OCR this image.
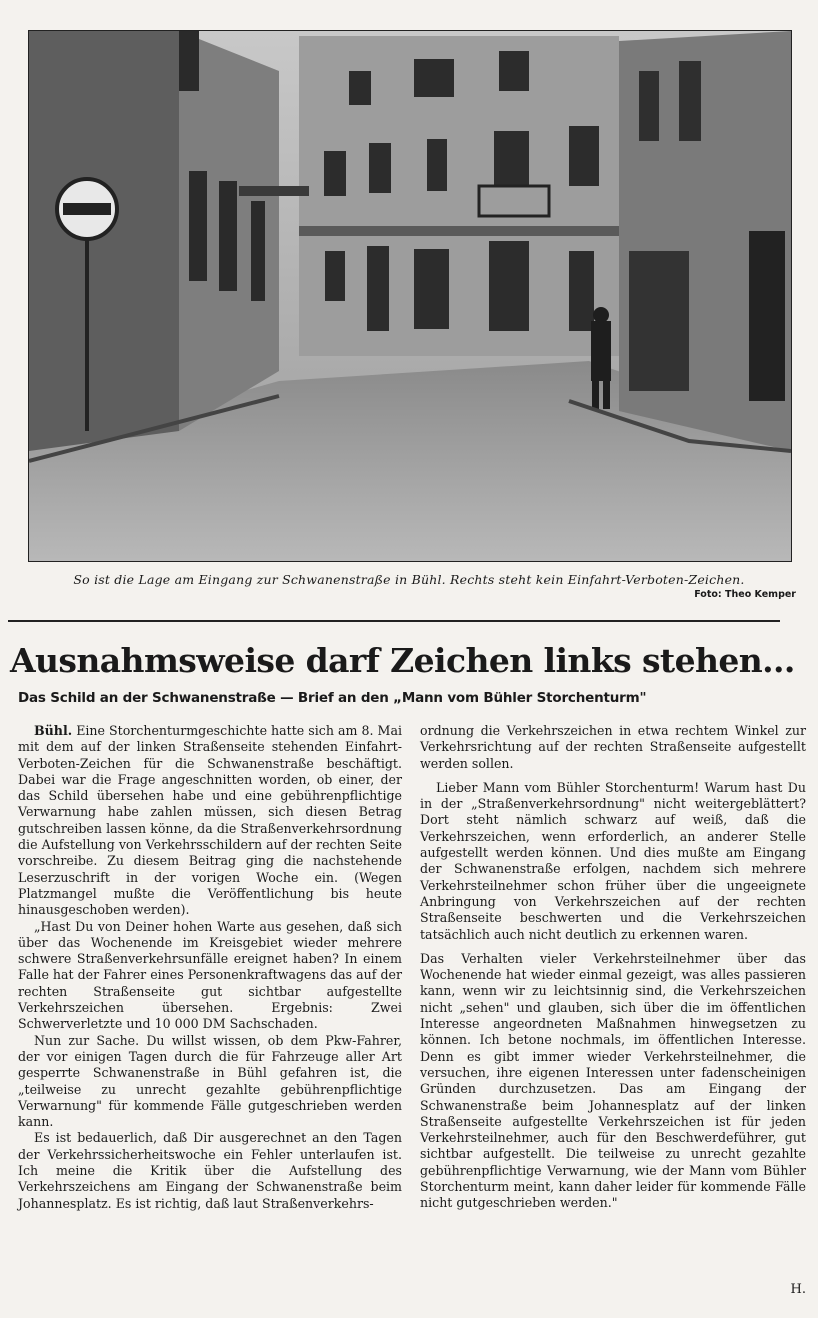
So ist die Lage am Eingang zur Schwanenstraße in Bühl. Rechts steht kein Einfahrt-Verboten-Zeichen.
Foto: Theo Kemper
Ausnahmsweise darf Zeichen links stehen...
Das Schild an der Schwanenstraße — Brief an den „Mann vom Bühler Storchenturm"

Bühl. Eine Storchenturmgeschichte hatte sich am 8. Mai mit dem auf der linken Straßenseite stehenden Einfahrt-Verboten-Zeichen für die Schwanenstraße beschäftigt. Dabei war die Frage angeschnitten worden, ob einer, der das Schild übersehen habe und eine gebührenpflichtige Verwarnung habe zahlen müssen, sich diesen Betrag gutschreiben lassen könne, da die Straßenverkehrsordnung die Aufstellung von Verkehrsschildern auf der rechten Seite vorschreibe. Zu diesem Beitrag ging die nachstehende Leserzuschrift in der vorigen Woche ein. (Wegen Platzmangel mußte die Veröffentlichung bis heute hinausgeschoben werden).

„Hast Du von Deiner hohen Warte aus gesehen, daß sich über das Wochenende im Kreisgebiet wieder mehrere schwere Straßenverkehrsunfälle ereignet haben? In einem Falle hat der Fahrer eines Personenkraftwagens das auf der rechten Straßenseite gut sichtbar aufgestellte Verkehrszeichen übersehen. Ergebnis: Zwei Schwerverletzte und 10 000 DM Sachschaden.

Nun zur Sache. Du willst wissen, ob dem Pkw-Fahrer, der vor einigen Tagen durch die für Fahrzeuge aller Art gesperrte Schwanenstraße in Bühl gefahren ist, die „teilweise zu unrecht gezahlte gebührenpflichtige Verwarnung" für kommende Fälle gutgeschrieben werden kann.

Es ist bedauerlich, daß Dir ausgerechnet an den Tagen der Verkehrssicherheitswoche ein Fehler unterlaufen ist. Ich meine die Kritik über die Aufstellung des Verkehrszeichens am Eingang der Schwanenstraße beim Johannesplatz. Es ist richtig, daß laut Straßenverkehrs-

ordnung die Verkehrszeichen in etwa rechtem Winkel zur Verkehrsrichtung auf der rechten Straßenseite aufgestellt werden sollen.

Lieber Mann vom Bühler Storchenturm! Warum hast Du in der „Straßenverkehrsordnung" nicht weitergeblättert? Dort steht nämlich schwarz auf weiß, daß die Verkehrszeichen, wenn erforderlich, an anderer Stelle aufgestellt werden können. Und dies mußte am Eingang der Schwanenstraße erfolgen, nachdem sich mehrere Verkehrsteilnehmer schon früher über die ungeeignete Anbringung von Verkehrszeichen auf der rechten Straßenseite beschwerten und die Verkehrszeichen tatsächlich auch nicht deutlich zu erkennen waren.

Das Verhalten vieler Verkehrsteilnehmer über das Wochenende hat wieder einmal gezeigt, was alles passieren kann, wenn wir zu leichtsinnig sind, die Verkehrszeichen nicht „sehen" und glauben, sich über die im öffentlichen Interesse angeordneten Maßnahmen hinwegsetzen zu können. Ich betone nochmals, im öffentlichen Interesse. Denn es gibt immer wieder Verkehrsteilnehmer, die versuchen, ihre eigenen Interessen unter fadenscheinigen Gründen durchzusetzen. Das am Eingang der Schwanenstraße beim Johannesplatz auf der linken Straßenseite aufgestellte Verkehrszeichen ist für jeden Verkehrsteilnehmer, auch für den Beschwerdeführer, gut sichtbar aufgestellt. Die teilweise zu unrecht gezahlte gebührenpflichtige Verwarnung, wie der Mann vom Bühler Storchenturm meint, kann daher leider für kommende Fälle nicht gutgeschrieben werden."

H.
